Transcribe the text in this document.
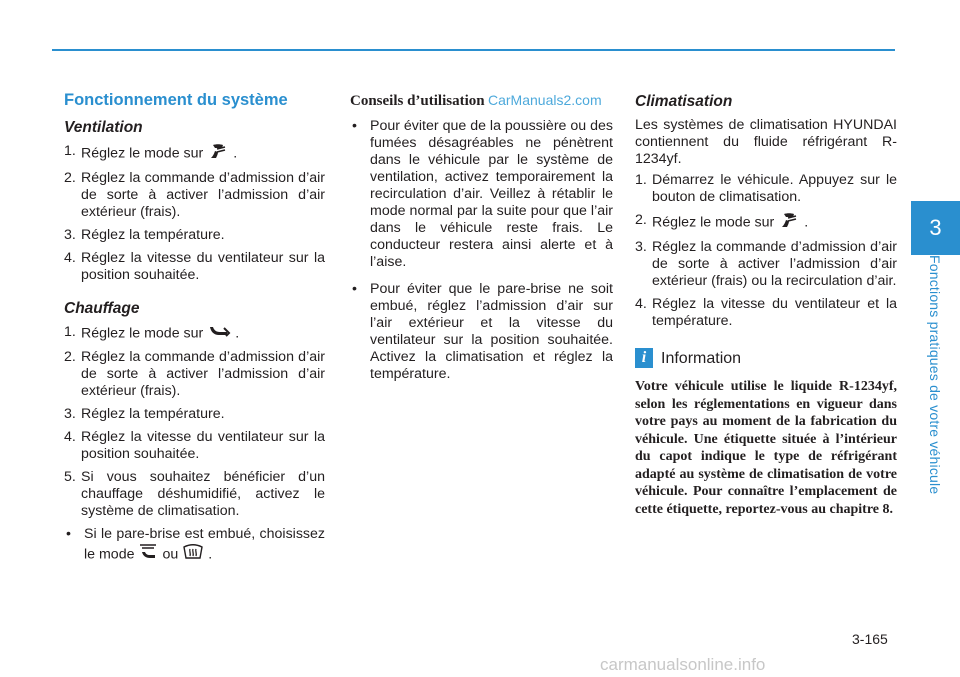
3
Fonctions pratiques de votre véhicule
Fonctionnement du système
Ventilation
1. Réglez le mode sur .
2. Réglez la commande d’admission d’air de sorte à activer l’admission d’air extérieur (frais).
3. Réglez la température.
4. Réglez la vitesse du ventilateur sur la position souhaitée.
Chauffage
1. Réglez le mode sur .
2. Réglez la commande d’admission d’air de sorte à activer l’admission d’air extérieur (frais).
3. Réglez la température.
4. Réglez la vitesse du ventilateur sur la position souhaitée.
5. Si vous souhaitez bénéficier d’un chauffage déshumidifié, activez le système de climatisation.
• Si le pare-brise est embué, choisissez le mode ou .
Conseils d’utilisation
• Pour éviter que de la poussière ou des fumées désagréables ne pénètrent dans le véhicule par le système de ventilation, activez temporairement la recirculation d’air. Veillez à rétablir le mode normal par la suite pour que l’air dans le véhicule reste frais. Le conducteur restera ainsi alerte et à l’aise.
• Pour éviter que le pare-brise ne soit embué, réglez l’admission d’air sur l’air extérieur et la vitesse du ventilateur sur la position souhaitée. Activez la climatisation et réglez la température.
Climatisation

Les systèmes de climatisation HYUNDAI contiennent du fluide réfrigérant R-1234yf.

1. Démarrez le véhicule. Appuyez sur le bouton de climatisation.
2. Réglez le mode sur .
3. Réglez la commande d’admission d’air de sorte à activer l’admission d’air extérieur (frais) ou la recirculation d’air.
4. Réglez la vitesse du ventilateur et la température.
i Information
Votre véhicule utilise le liquide R-1234yf, selon les réglementations en vigueur dans votre pays au moment de la fabrication du véhicule. Une étiquette située à l’intérieur du capot indique le type de réfrigérant adapté au système de climatisation de votre véhicule. Pour connaître l’emplacement de cette étiquette, reportez-vous au chapitre 8.
CarManuals2.com
3-165
carmanualsonline.info
